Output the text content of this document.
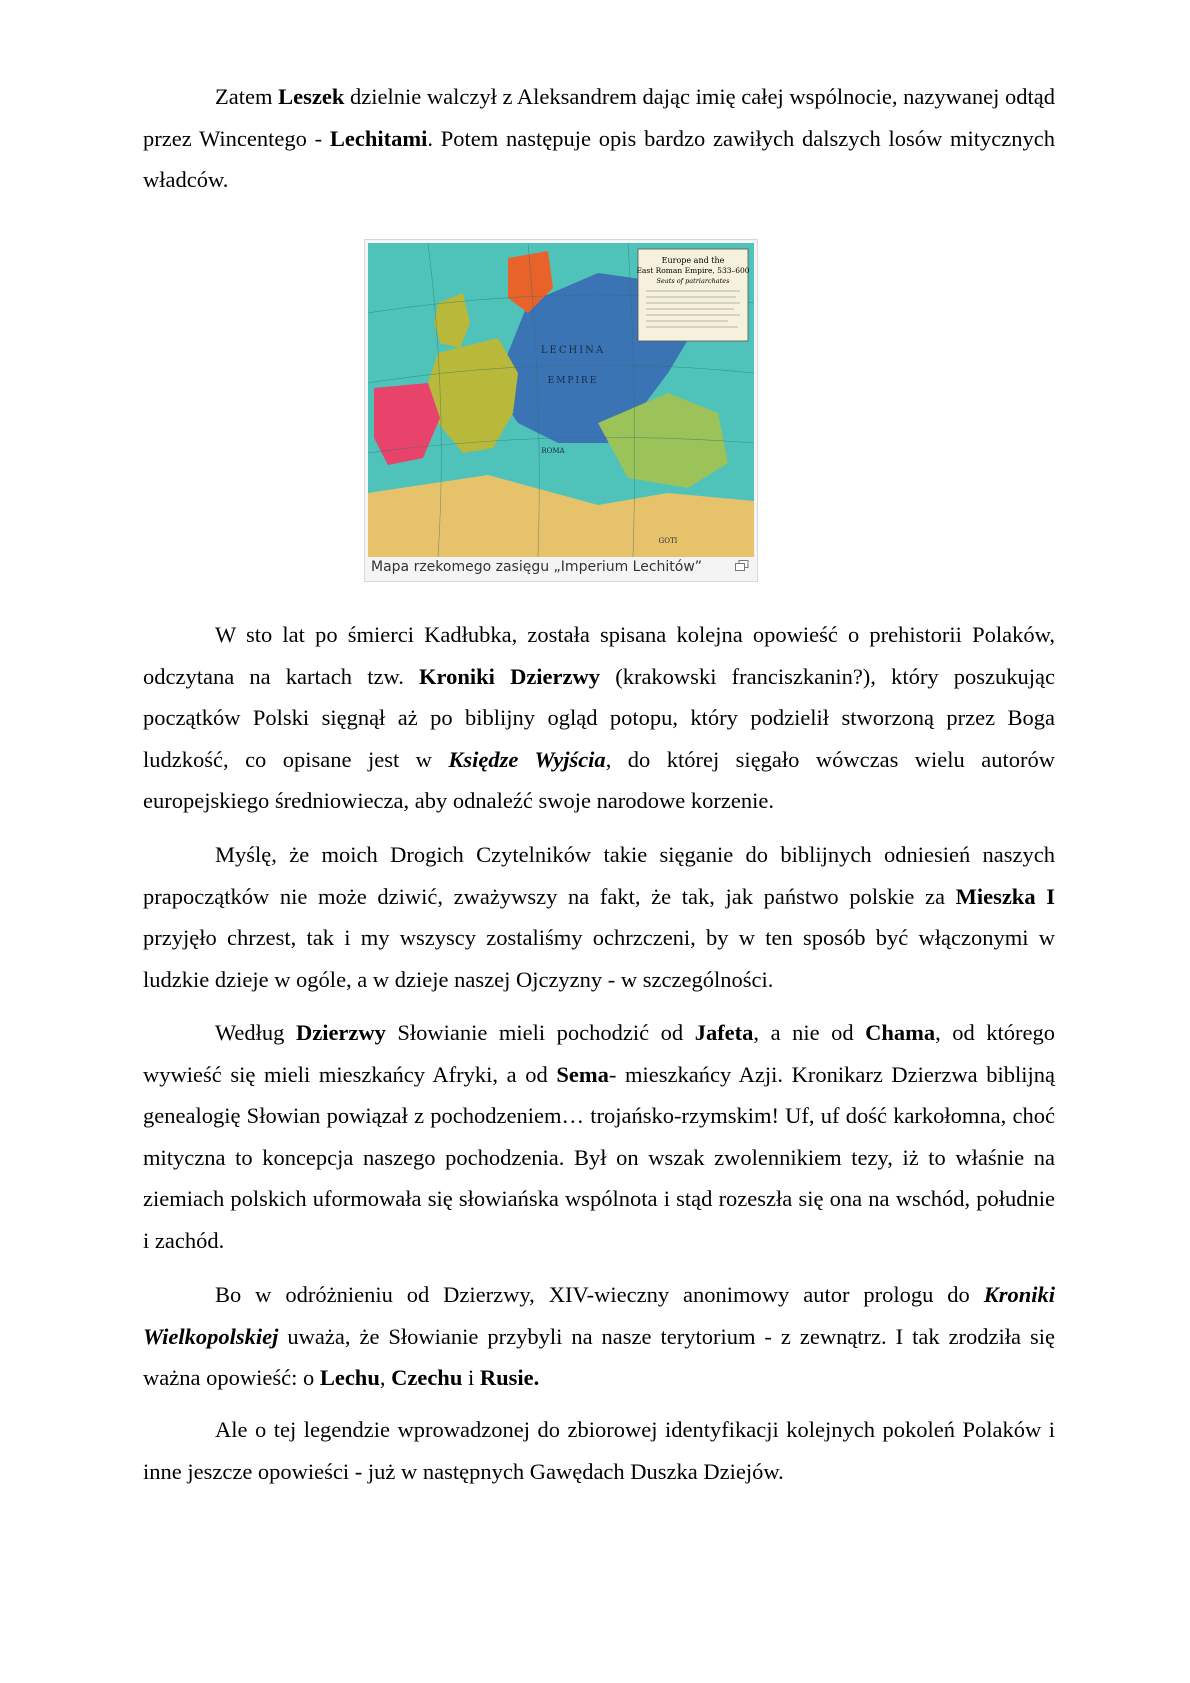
Zatem Leszek dzielnie walczył z Aleksandrem dając imię całej wspólnocie, nazywanej odtąd przez Wincentego - Lechitami. Potem następuje opis bardzo zawiłych dalszych losów mitycznych władców.

Europe and the
East Roman Empire, 533–600
Seats of patriarchates
LECHINA
EMPIRE
ROMA
GOTI
Mapa rzekomego zasięgu „Imperium Lechitów”

W sto lat po śmierci Kadłubka, została spisana kolejna opowieść o prehistorii Polaków, odczytana na kartach tzw. Kroniki Dzierzwy (krakowski franciszkanin?), który poszukując początków Polski sięgnął aż po biblijny ogląd potopu, który podzielił stworzoną przez Boga ludzkość, co opisane jest w Księdze Wyjścia, do której sięgało wówczas wielu autorów europejskiego średniowiecza, aby odnaleźć swoje narodowe korzenie.

Myślę, że moich Drogich Czytelników takie sięganie do biblijnych odniesień naszych prapoczątków nie może dziwić, zważywszy na fakt, że tak, jak państwo polskie za Mieszka I przyjęło chrzest, tak i my wszyscy zostaliśmy ochrzczeni, by w ten sposób być włączonymi w ludzkie dzieje w ogóle, a w dzieje naszej Ojczyzny - w szczególności.

Według Dzierzwy Słowianie mieli pochodzić od Jafeta, a nie od Chama, od którego wywieść się mieli mieszkańcy Afryki, a od Sema- mieszkańcy Azji. Kronikarz Dzierzwa biblijną genealogię Słowian powiązał z pochodzeniem… trojańsko-rzymskim! Uf, uf dość karkołomna, choć mityczna to koncepcja naszego pochodzenia. Był on wszak zwolennikiem tezy, iż to właśnie na ziemiach polskich uformowała się słowiańska wspólnota i stąd rozeszła się ona na wschód, południe i zachód.

Bo w odróżnieniu od Dzierzwy, XIV-wieczny anonimowy autor prologu do Kroniki Wielkopolskiej uważa, że Słowianie przybyli na nasze terytorium - z zewnątrz. I tak zrodziła się ważna opowieść: o Lechu, Czechu i Rusie.

Ale o tej legendzie wprowadzonej do zbiorowej identyfikacji kolejnych pokoleń Polaków i inne jeszcze opowieści - już w następnych Gawędach Duszka Dziejów.
